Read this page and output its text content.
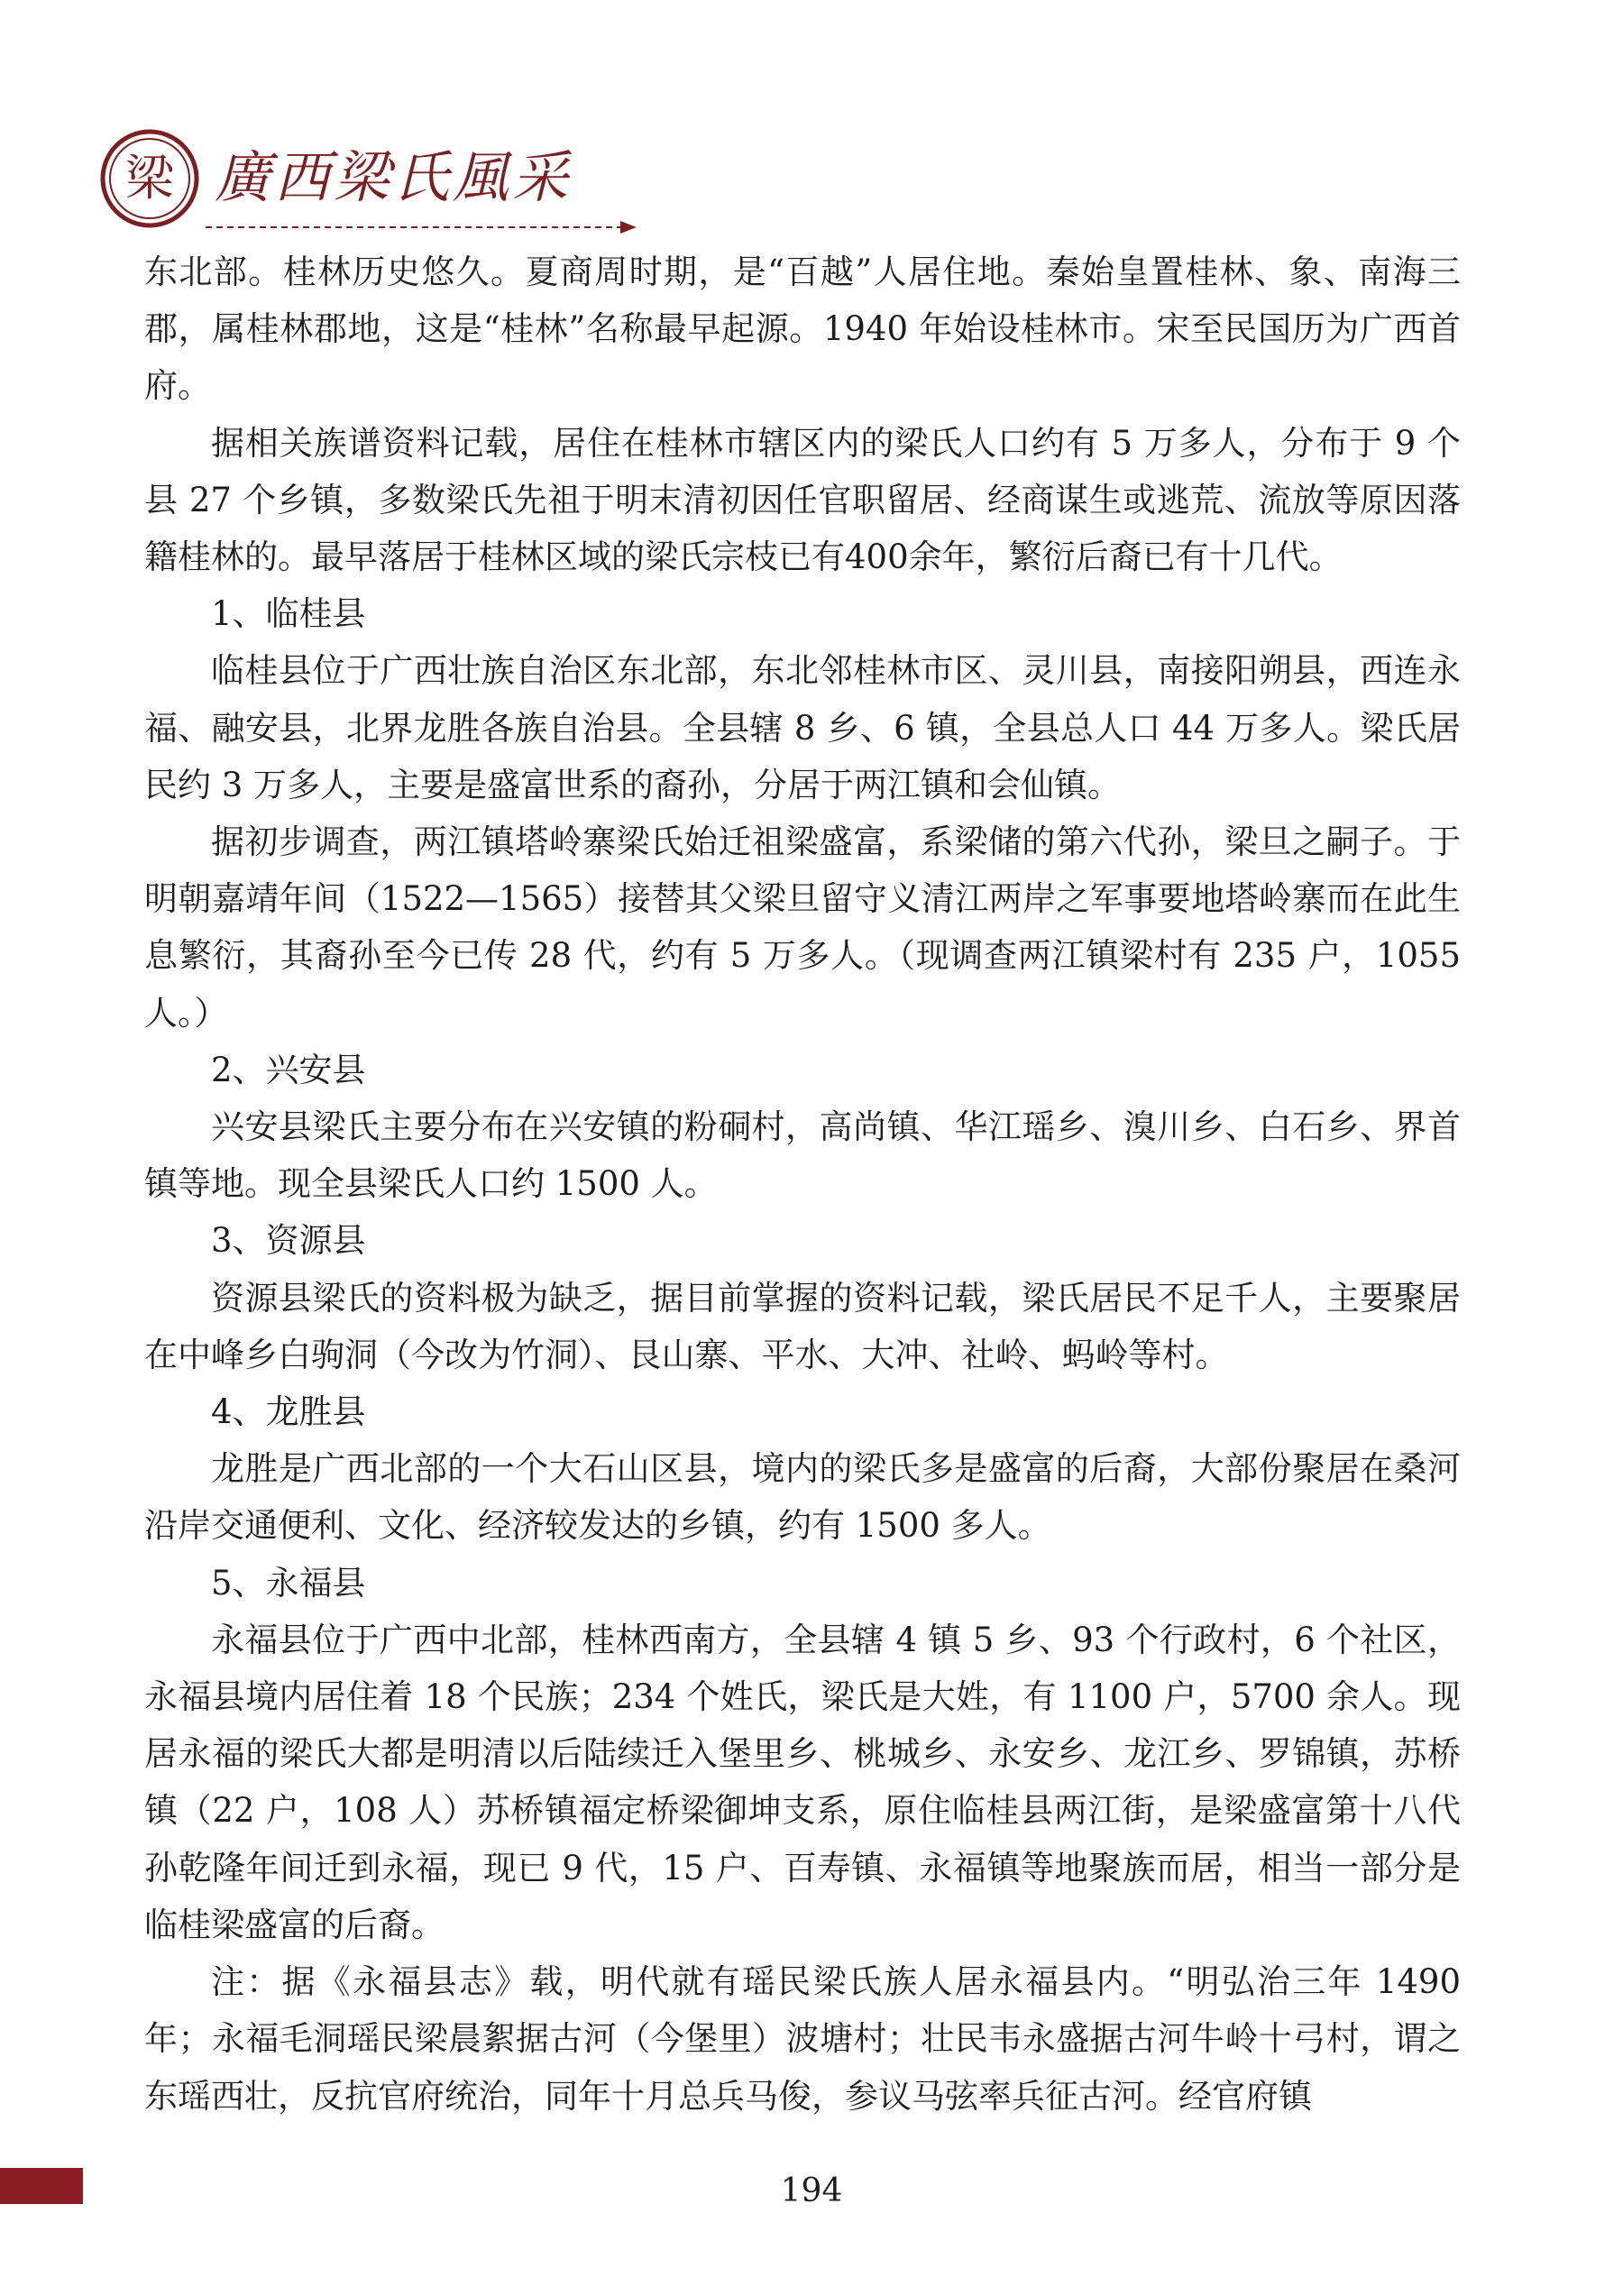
梁 廣西梁氏風采

东北部。桂林历史悠久。夏商周时期，是“百越”人居住地。秦始皇置桂林、象、南海三郡，属桂林郡地，这是“桂林”名称最早起源。1940 年始设桂林市。宋至民国历为广西首府。

据相关族谱资料记载，居住在桂林市辖区内的梁氏人口约有 5 万多人，分布于 9 个县 27 个乡镇，多数梁氏先祖于明末清初因任官职留居、经商谋生或逃荒、流放等原因落籍桂林的。最早落居于桂林区域的梁氏宗枝已有400余年，繁衍后裔已有十几代。

1、临桂县

临桂县位于广西壮族自治区东北部，东北邻桂林市区、灵川县，南接阳朔县，西连永福、融安县，北界龙胜各族自治县。全县辖 8 乡、6 镇，全县总人口 44 万多人。梁氏居民约 3 万多人，主要是盛富世系的裔孙，分居于两江镇和会仙镇。

据初步调查，两江镇塔岭寨梁氏始迁祖梁盛富，系梁储的第六代孙，梁旦之嗣子。于明朝嘉靖年间（1522—1565）接替其父梁旦留守义清江两岸之军事要地塔岭寨而在此生息繁衍，其裔孙至今已传 28 代，约有 5 万多人。（现调查两江镇梁村有 235 户，1055 人。）

2、兴安县

兴安县梁氏主要分布在兴安镇的粉硐村，高尚镇、华江瑶乡、溴川乡、白石乡、界首镇等地。现全县梁氏人口约 1500 人。

3、资源县

资源县梁氏的资料极为缺乏，据目前掌握的资料记载，梁氏居民不足千人，主要聚居在中峰乡白驹洞（今改为竹洞）、艮山寨、平水、大冲、社岭、蚂岭等村。

4、龙胜县

龙胜是广西北部的一个大石山区县，境内的梁氏多是盛富的后裔，大部份聚居在桑河沿岸交通便利、文化、经济较发达的乡镇，约有 1500 多人。

5、永福县

永福县位于广西中北部，桂林西南方，全县辖 4 镇 5 乡、93 个行政村，6 个社区，永福县境内居住着 18 个民族；234 个姓氏，梁氏是大姓，有 1100 户，5700 余人。现居永福的梁氏大都是明清以后陆续迁入堡里乡、桃城乡、永安乡、龙江乡、罗锦镇，苏桥镇（22 户，108 人）苏桥镇福定桥梁御坤支系，原住临桂县两江街，是梁盛富第十八代孙乾隆年间迁到永福，现已 9 代，15 户、百寿镇、永福镇等地聚族而居，相当一部分是临桂梁盛富的后裔。

注：据《永福县志》载，明代就有瑶民梁氏族人居永福县内。“明弘治三年 1490 年；永福毛洞瑶民梁晨絮据古河（今堡里）波塘村；壮民韦永盛据古河牛岭十弓村，谓之东瑶西壮，反抗官府统治，同年十月总兵马俊，参议马弦率兵征古河。经官府镇

194
